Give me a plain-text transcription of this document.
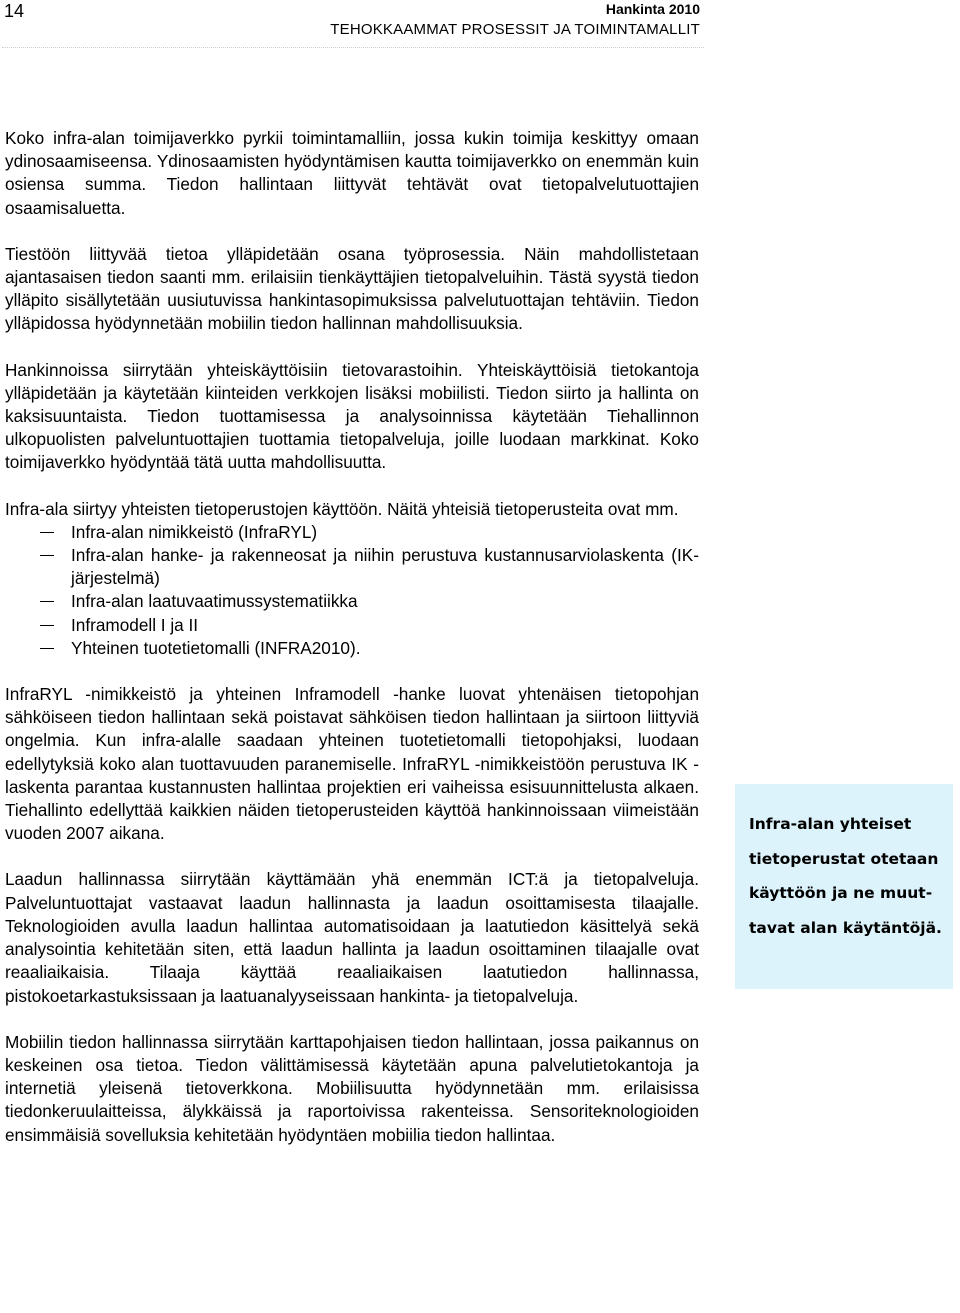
14	Hankinta 2010
TEHOKKAAMMAT PROSESSIT JA TOIMINTAMALLIT

Koko infra-alan toimijaverkko pyrkii toimintamalliin, jossa kukin toimija keskittyy omaan ydinosaamiseensa. Ydinosaamisten hyödyntämisen kautta toimijaverkko on enemmän kuin osiensa summa. Tiedon hallintaan liittyvät tehtävät ovat tietopalvelutuottajien osaamisaluetta.

Tiestöön liittyvää tietoa ylläpidetään osana työprosessia. Näin mahdollistetaan ajantasaisen tiedon saanti mm. erilaisiin tienkäyttäjien tietopalveluihin. Tästä syystä tiedon ylläpito sisällytetään uusiutuvissa hankintasopimuksissa palvelutuottajan tehtäviin. Tiedon ylläpidossa hyödynnetään mobiilin tiedon hallinnan mahdollisuuksia.

Hankinnoissa siirrytään yhteiskäyttöisiin tietovarastoihin. Yhteiskäyttöisiä tietokantoja ylläpidetään ja käytetään kiinteiden verkkojen lisäksi mobiilisti. Tiedon siirto ja hallinta on kaksisuuntaista. Tiedon tuottamisessa ja analysoinnissa käytetään Tiehallinnon ulkopuolisten palveluntuottajien tuottamia tietopalveluja, joille luodaan markkinat. Koko toimijaverkko hyödyntää tätä uutta mahdollisuutta.

Infra-ala siirtyy yhteisten tietoperustojen käyttöön. Näitä yhteisiä tietoperusteita ovat mm.

Infra-alan nimikkeistö (InfraRYL)
Infra-alan hanke- ja rakenneosat ja niihin perustuva kustannusarviolaskenta (IK-järjestelmä)
Infra-alan laatuvaatimussystematiikka
Inframodell I ja II
Yhteinen tuotetietomalli (INFRA2010).

InfraRYL -nimikkeistö ja yhteinen Inframodell -hanke luovat yhtenäisen tietopohjan sähköiseen tiedon hallintaan sekä poistavat sähköisen tiedon hallintaan ja siirtoon liittyviä ongelmia. Kun infra-alalle saadaan yhteinen tuotetietomalli tietopohjaksi, luodaan edellytyksiä koko alan tuottavuuden paranemiselle. InfraRYL -nimikkeistöön perustuva IK -laskenta parantaa kustannusten hallintaa projektien eri vaiheissa esisuunnittelusta alkaen. Tiehallinto edellyttää kaikkien näiden tietoperusteiden käyttöä hankinnoissaan viimeistään vuoden 2007 aikana.

Laadun hallinnassa siirrytään käyttämään yhä enemmän ICT:ä ja tietopalveluja. Palveluntuottajat vastaavat laadun hallinnasta ja laadun osoittamisesta tilaajalle. Teknologioiden avulla laadun hallintaa automatisoidaan ja laatutiedon käsittelyä sekä analysointia kehitetään siten, että laadun hallinta ja laadun osoittaminen tilaajalle ovat reaaliaikaisia. Tilaaja käyttää reaaliaikaisen laatutiedon hallinnassa, pistokoetarkastuksissaan ja laatuanalyyseissaan hankinta- ja tietopalveluja.

Mobiilin tiedon hallinnassa siirrytään karttapohjaisen tiedon hallintaan, jossa paikannus on keskeinen osa tietoa. Tiedon välittämisessä käytetään apuna palvelutietokantoja ja internetiä yleisenä tietoverkkona. Mobiilisuutta hyödynnetään mm. erilaisissa tiedonkeruulaitteissa, älykkäissä ja raportoivissa rakenteissa. Sensoriteknologioiden ensimmäisiä sovelluksia kehitetään hyödyntäen mobiilia tiedon hallintaa.

Infra-alan yhteiset tietoperustat otetaan käyttöön ja ne muuttavat alan käytäntöjä.
